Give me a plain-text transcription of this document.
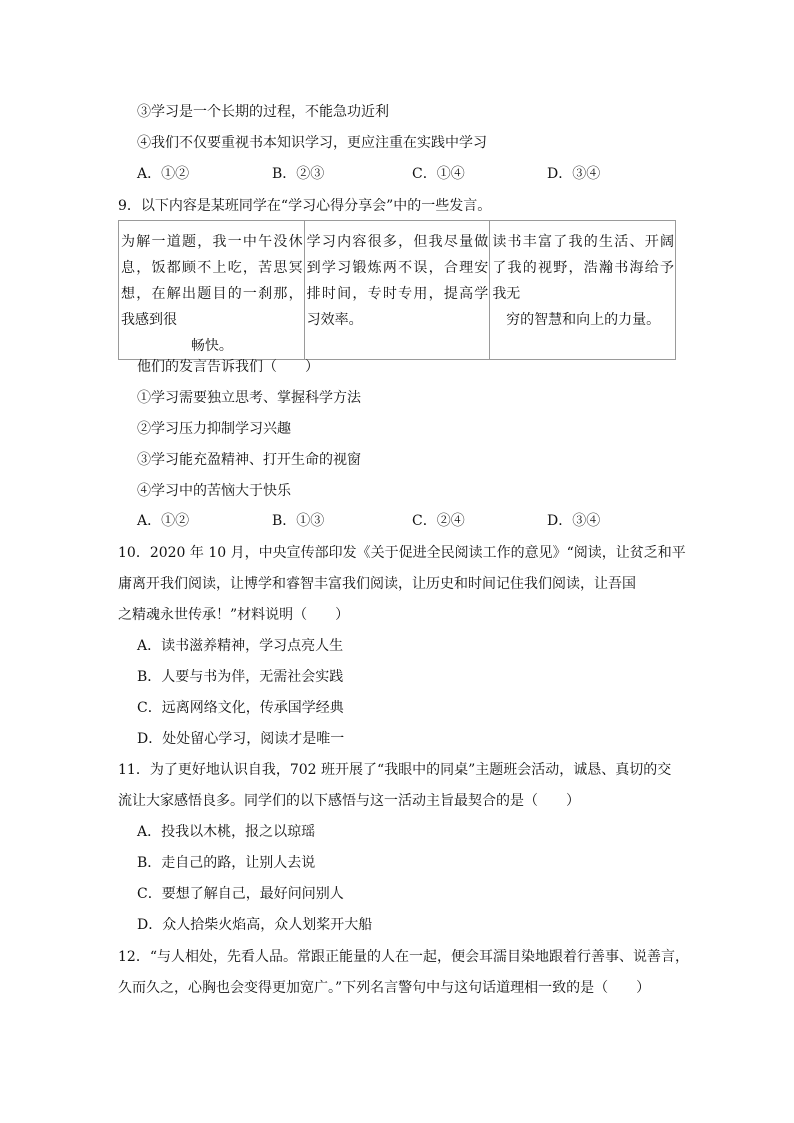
③学习是一个长期的过程，不能急功近利
④我们不仅要重视书本知识学习，更应注重在实践中学习
A．①②	B．②③	C．①④	D．③④
9．以下内容是某班同学在“学习心得分享会”中的一些发言。
为解一道题，我一中午没休息，饭都顾不上吃，苦思冥想，在解出题目的一刹那，我感到很
畅快。
	学习内容很多，但我尽量做到学习锻炼两不误，合理安排时间，专时专用，提高学习效率。	读书丰富了我的生活、开阔了我的视野，浩瀚书海给予我无
穷的智慧和向上的力量。
他们的发言告诉我们（　　）
①学习需要独立思考、掌握科学方法
②学习压力抑制学习兴趣
③学习能充盈精神、打开生命的视窗
④学习中的苦恼大于快乐
A．①②	B．①③	C．②④	D．③④
10．2020 年 10 月，中央宣传部印发《关于促进全民阅读工作的意见》“阅读，让贫乏和平
庸离开我们阅读，让博学和睿智丰富我们阅读，让历史和时间记住我们阅读，让吾国
之精魂永世传承！”材料说明（　　）
A．读书滋养精神，学习点亮人生
B．人要与书为伴，无需社会实践
C．远离网络文化，传承国学经典
D．处处留心学习，阅读才是唯一
11．为了更好地认识自我，702 班开展了“我眼中的同桌”主题班会活动，诚恳、真切的交
流让大家感悟良多。同学们的以下感悟与这一活动主旨最契合的是（　　）
A．投我以木桃，报之以琼瑶
B．走自己的路，让别人去说
C．要想了解自己，最好问问别人
D．众人拾柴火焰高，众人划桨开大船
12．“与人相处，先看人品。常跟正能量的人在一起，便会耳濡目染地跟着行善事、说善言，
久而久之，心胸也会变得更加宽广。”下列名言警句中与这句话道理相一致的是（　　）
